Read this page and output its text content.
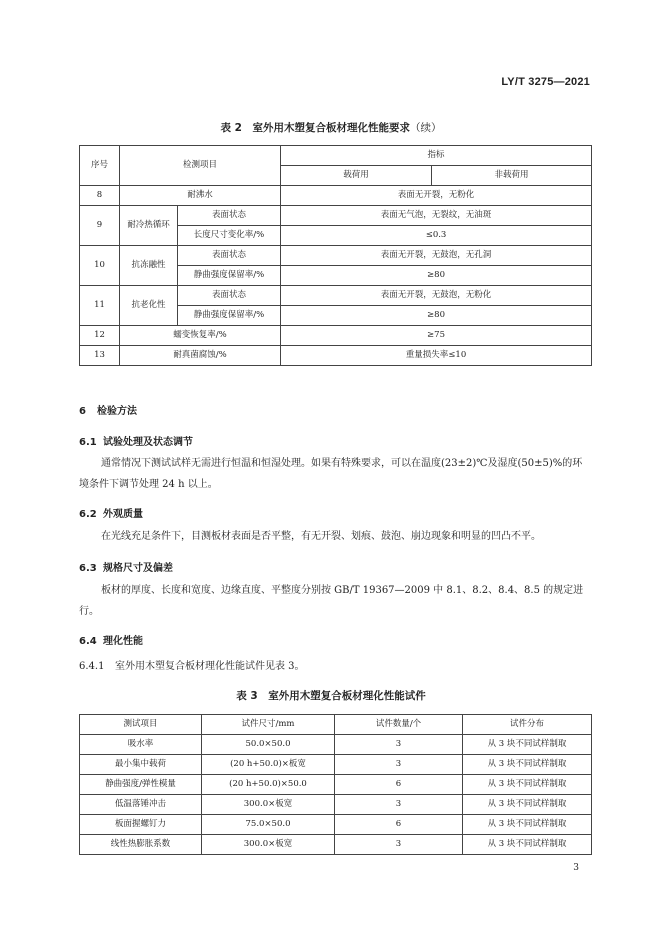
LY/T 3275—2021
表 2　室外用木塑复合板材理化性能要求（续）
序号	检测项目		指标	
			载荷用	非载荷用
8	耐沸水		表面无开裂，无粉化	
9	耐冷热循环	表面状态	表面无气泡，无裂纹，无油斑	
		长度尺寸变化率/%	≤0.3	
10	抗冻融性	表面状态	表面无开裂，无鼓泡，无孔洞	
		静曲强度保留率/%	≥80	
11	抗老化性	表面状态	表面无开裂，无鼓泡，无粉化	
		静曲强度保留率/%	≥80	
12	蠕变恢复率/%		≥75	
13	耐真菌腐蚀/%		重量损失率≤10	
6 检验方法
6.1 试验处理及状态调节
通常情况下测试试样无需进行恒温和恒湿处理。如果有特殊要求，可以在温度(23±2)℃及湿度(50±5)%的环境条件下调节处理 24 h 以上。
6.2 外观质量
在光线充足条件下，目测板材表面是否平整，有无开裂、划痕、鼓泡、崩边现象和明显的凹凸不平。
6.3 规格尺寸及偏差
板材的厚度、长度和宽度、边缘直度、平整度分别按 GB/T 19367—2009 中 8.1、8.2、8.4、8.5 的规定进行。
6.4 理化性能
6.4.1 室外用木塑复合板材理化性能试件见表 3。
表 3　室外用木塑复合板材理化性能试件
测试项目	试件尺寸/mm	试件数量/个	试件分布
吸水率	50.0×50.0	3	从 3 块不同试样制取
最小集中载荷	(20 h+50.0)×板宽	3	从 3 块不同试样制取
静曲强度/弹性模量	(20 h+50.0)×50.0	6	从 3 块不同试样制取
低温落锤冲击	300.0×板宽	3	从 3 块不同试样制取
板面握螺钉力	75.0×50.0	6	从 3 块不同试样制取
线性热膨胀系数	300.0×板宽	3	从 3 块不同试样制取
3
